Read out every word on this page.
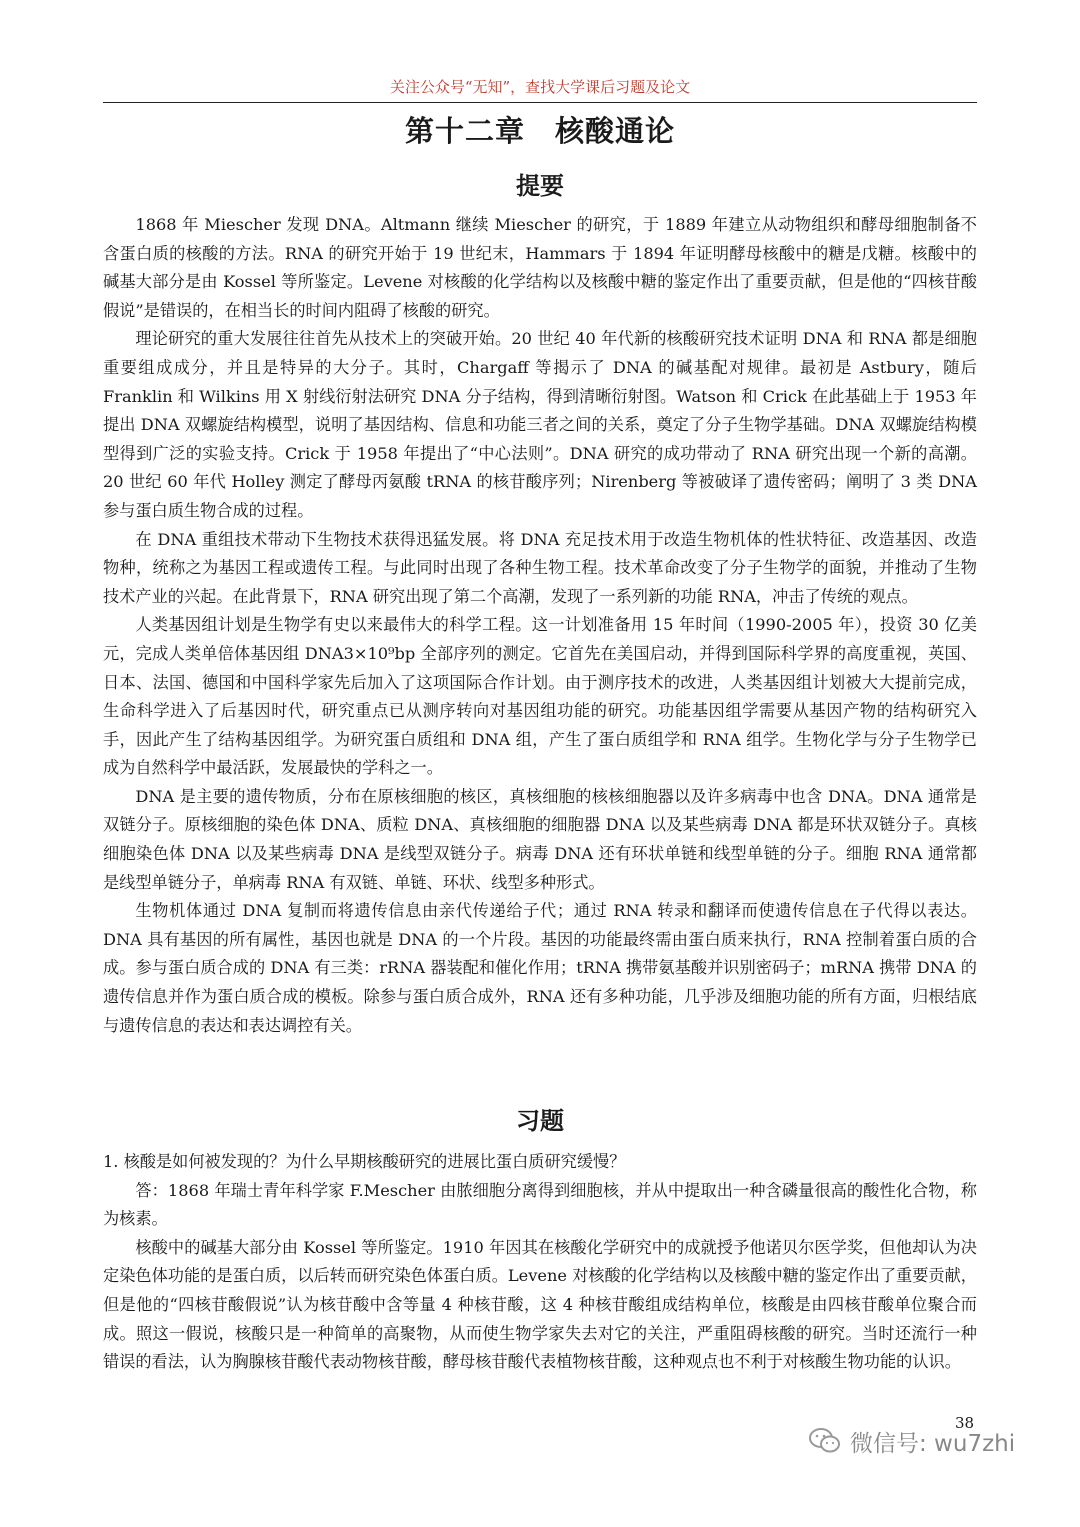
关注公众号“无知”，查找大学课后习题及论文
第十二章　核酸通论
提要

1868 年 Miescher 发现 DNA。Altmann 继续 Miescher 的研究，于 1889 年建立从动物组织和酵母细胞制备不含蛋白质的核酸的方法。RNA 的研究开始于 19 世纪末，Hammars 于 1894 年证明酵母核酸中的糖是戊糖。核酸中的碱基大部分是由 Kossel 等所鉴定。Levene 对核酸的化学结构以及核酸中糖的鉴定作出了重要贡献，但是他的“四核苷酸假说”是错误的，在相当长的时间内阻碍了核酸的研究。

理论研究的重大发展往往首先从技术上的突破开始。20 世纪 40 年代新的核酸研究技术证明 DNA 和 RNA 都是细胞重要组成成分，并且是特异的大分子。其时，Chargaff 等揭示了 DNA 的碱基配对规律。最初是 Astbury，随后 Franklin 和 Wilkins 用 X 射线衍射法研究 DNA 分子结构，得到清晰衍射图。Watson 和 Crick 在此基础上于 1953 年提出 DNA 双螺旋结构模型，说明了基因结构、信息和功能三者之间的关系，奠定了分子生物学基础。DNA 双螺旋结构模型得到广泛的实验支持。Crick 于 1958 年提出了“中心法则”。DNA 研究的成功带动了 RNA 研究出现一个新的高潮。20 世纪 60 年代 Holley 测定了酵母丙氨酸 tRNA 的核苷酸序列；Nirenberg 等被破译了遗传密码；阐明了 3 类 DNA 参与蛋白质生物合成的过程。

在 DNA 重组技术带动下生物技术获得迅猛发展。将 DNA 充足技术用于改造生物机体的性状特征、改造基因、改造物种，统称之为基因工程或遗传工程。与此同时出现了各种生物工程。技术革命改变了分子生物学的面貌，并推动了生物技术产业的兴起。在此背景下，RNA 研究出现了第二个高潮，发现了一系列新的功能 RNA，冲击了传统的观点。

人类基因组计划是生物学有史以来最伟大的科学工程。这一计划准备用 15 年时间（1990-2005 年），投资 30 亿美元，完成人类单倍体基因组 DNA3×10⁹bp 全部序列的测定。它首先在美国启动，并得到国际科学界的高度重视，英国、日本、法国、德国和中国科学家先后加入了这项国际合作计划。由于测序技术的改进，人类基因组计划被大大提前完成，生命科学进入了后基因时代，研究重点已从测序转向对基因组功能的研究。功能基因组学需要从基因产物的结构研究入手，因此产生了结构基因组学。为研究蛋白质组和 DNA 组，产生了蛋白质组学和 RNA 组学。生物化学与分子生物学已成为自然科学中最活跃，发展最快的学科之一。

DNA 是主要的遗传物质，分布在原核细胞的核区，真核细胞的核核细胞器以及许多病毒中也含 DNA。DNA 通常是双链分子。原核细胞的染色体 DNA、质粒 DNA、真核细胞的细胞器 DNA 以及某些病毒 DNA 都是环状双链分子。真核细胞染色体 DNA 以及某些病毒 DNA 是线型双链分子。病毒 DNA 还有环状单链和线型单链的分子。细胞 RNA 通常都是线型单链分子，单病毒 RNA 有双链、单链、环状、线型多种形式。

生物机体通过 DNA 复制而将遗传信息由亲代传递给子代；通过 RNA 转录和翻译而使遗传信息在子代得以表达。DNA 具有基因的所有属性，基因也就是 DNA 的一个片段。基因的功能最终需由蛋白质来执行，RNA 控制着蛋白质的合成。参与蛋白质合成的 DNA 有三类：rRNA 器装配和催化作用；tRNA 携带氨基酸并识别密码子；mRNA 携带 DNA 的遗传信息并作为蛋白质合成的模板。除参与蛋白质合成外，RNA 还有多种功能，几乎涉及细胞功能的所有方面，归根结底与遗传信息的表达和表达调控有关。

习题

1. 核酸是如何被发现的？为什么早期核酸研究的进展比蛋白质研究缓慢？

答：1868 年瑞士青年科学家 F.Mescher 由脓细胞分离得到细胞核，并从中提取出一种含磷量很高的酸性化合物，称为核素。

核酸中的碱基大部分由 Kossel 等所鉴定。1910 年因其在核酸化学研究中的成就授予他诺贝尔医学奖，但他却认为决定染色体功能的是蛋白质，以后转而研究染色体蛋白质。Levene 对核酸的化学结构以及核酸中糖的鉴定作出了重要贡献，但是他的“四核苷酸假说”认为核苷酸中含等量 4 种核苷酸，这 4 种核苷酸组成结构单位，核酸是由四核苷酸单位聚合而成。照这一假说，核酸只是一种简单的高聚物，从而使生物学家失去对它的关注，严重阻碍核酸的研究。当时还流行一种错误的看法，认为胸腺核苷酸代表动物核苷酸，酵母核苷酸代表植物核苷酸，这种观点也不利于对核酸生物功能的认识。

38
微信号: wu7zhi
